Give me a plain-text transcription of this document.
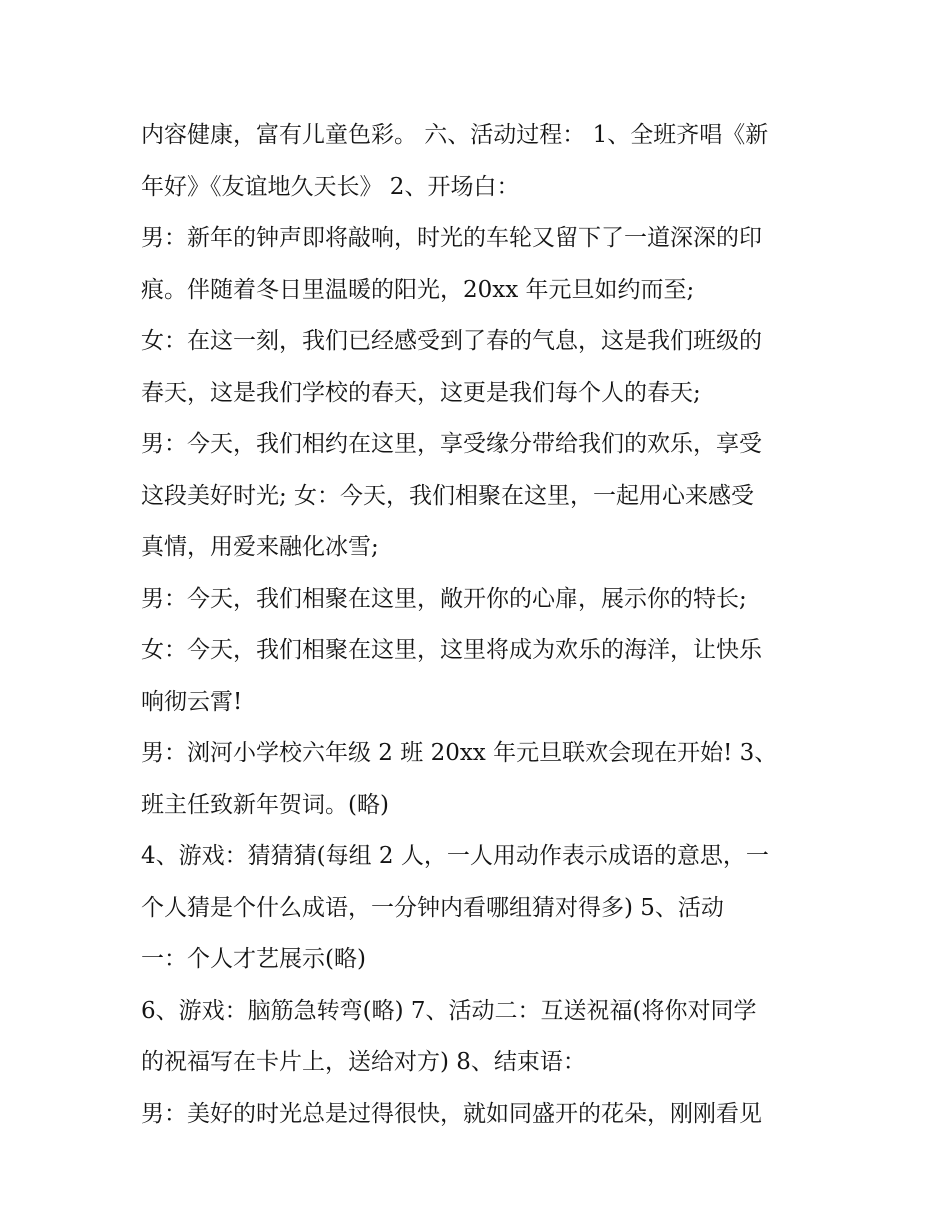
内容健康，富有儿童色彩。 六、活动过程： 1、全班齐唱《新
年好》《友谊地久天长》 2、开场白：
男：新年的钟声即将敲响，时光的车轮又留下了一道深深的印
痕。伴随着冬日里温暖的阳光，20xx 年元旦如约而至;
女：在这一刻，我们已经感受到了春的气息，这是我们班级的
春天，这是我们学校的春天，这更是我们每个人的春天;
男：今天，我们相约在这里，享受缘分带给我们的欢乐，享受
这段美好时光; 女：今天，我们相聚在这里，一起用心来感受
真情，用爱来融化冰雪;
男：今天，我们相聚在这里，敞开你的心扉，展示你的特长;
女：今天，我们相聚在这里，这里将成为欢乐的海洋，让快乐
响彻云霄!
男：浏河小学校六年级 2 班 20xx 年元旦联欢会现在开始! 3、
班主任致新年贺词。(略)
4、游戏：猜猜猜(每组 2 人，一人用动作表示成语的意思，一
个人猜是个什么成语，一分钟内看哪组猜对得多) 5、活动
一：个人才艺展示(略)
6、游戏：脑筋急转弯(略) 7、活动二：互送祝福(将你对同学
的祝福写在卡片上，送给对方) 8、结束语：
男：美好的时光总是过得很快，就如同盛开的花朵，刚刚看见
